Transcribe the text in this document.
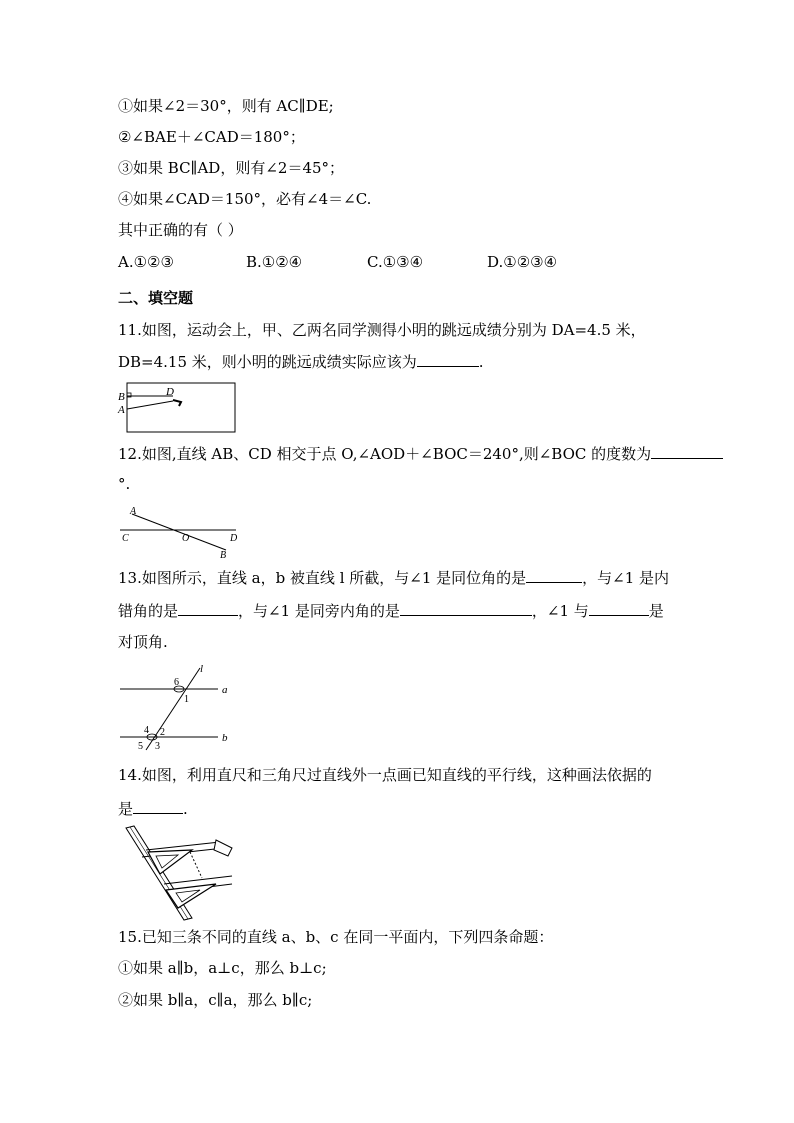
①如果∠2＝30°，则有 AC∥DE;
②∠BAE＋∠CAD＝180°；
③如果 BC∥AD，则有∠2＝45°；
④如果∠CAD＝150°，必有∠4＝∠C.
其中正确的有（ ）
A.①②③	B.①②④	C.①③④	D.①②③④
二、填空题
11.如图，运动会上，甲、乙两名同学测得小明的跳远成绩分别为 DA=4.5 米，
DB=4.15 米，则小明的跳远成绩实际应该为	.
B
A
D
12.如图,直线 AB、CD 相交于点 O,∠AOD＋∠BOC＝240°,则∠BOC 的度数为
°.
A
C	O	D
B
13.如图所示，直线 a，b 被直线 l 所截，与∠1 是同位角的是	，与∠1 是内
错角的是	，与∠1 是同旁内角的是	，∠1 与	是
对顶角.
l
a
b
6
1
4 2
5 3
14.如图，利用直尺和三角尺过直线外一点画已知直线的平行线，这种画法依据的
是	.
15.已知三条不同的直线 a、b、c 在同一平面内，下列四条命题：
①如果 a∥b，a⊥c，那么 b⊥c;
②如果 b∥a，c∥a，那么 b∥c;
